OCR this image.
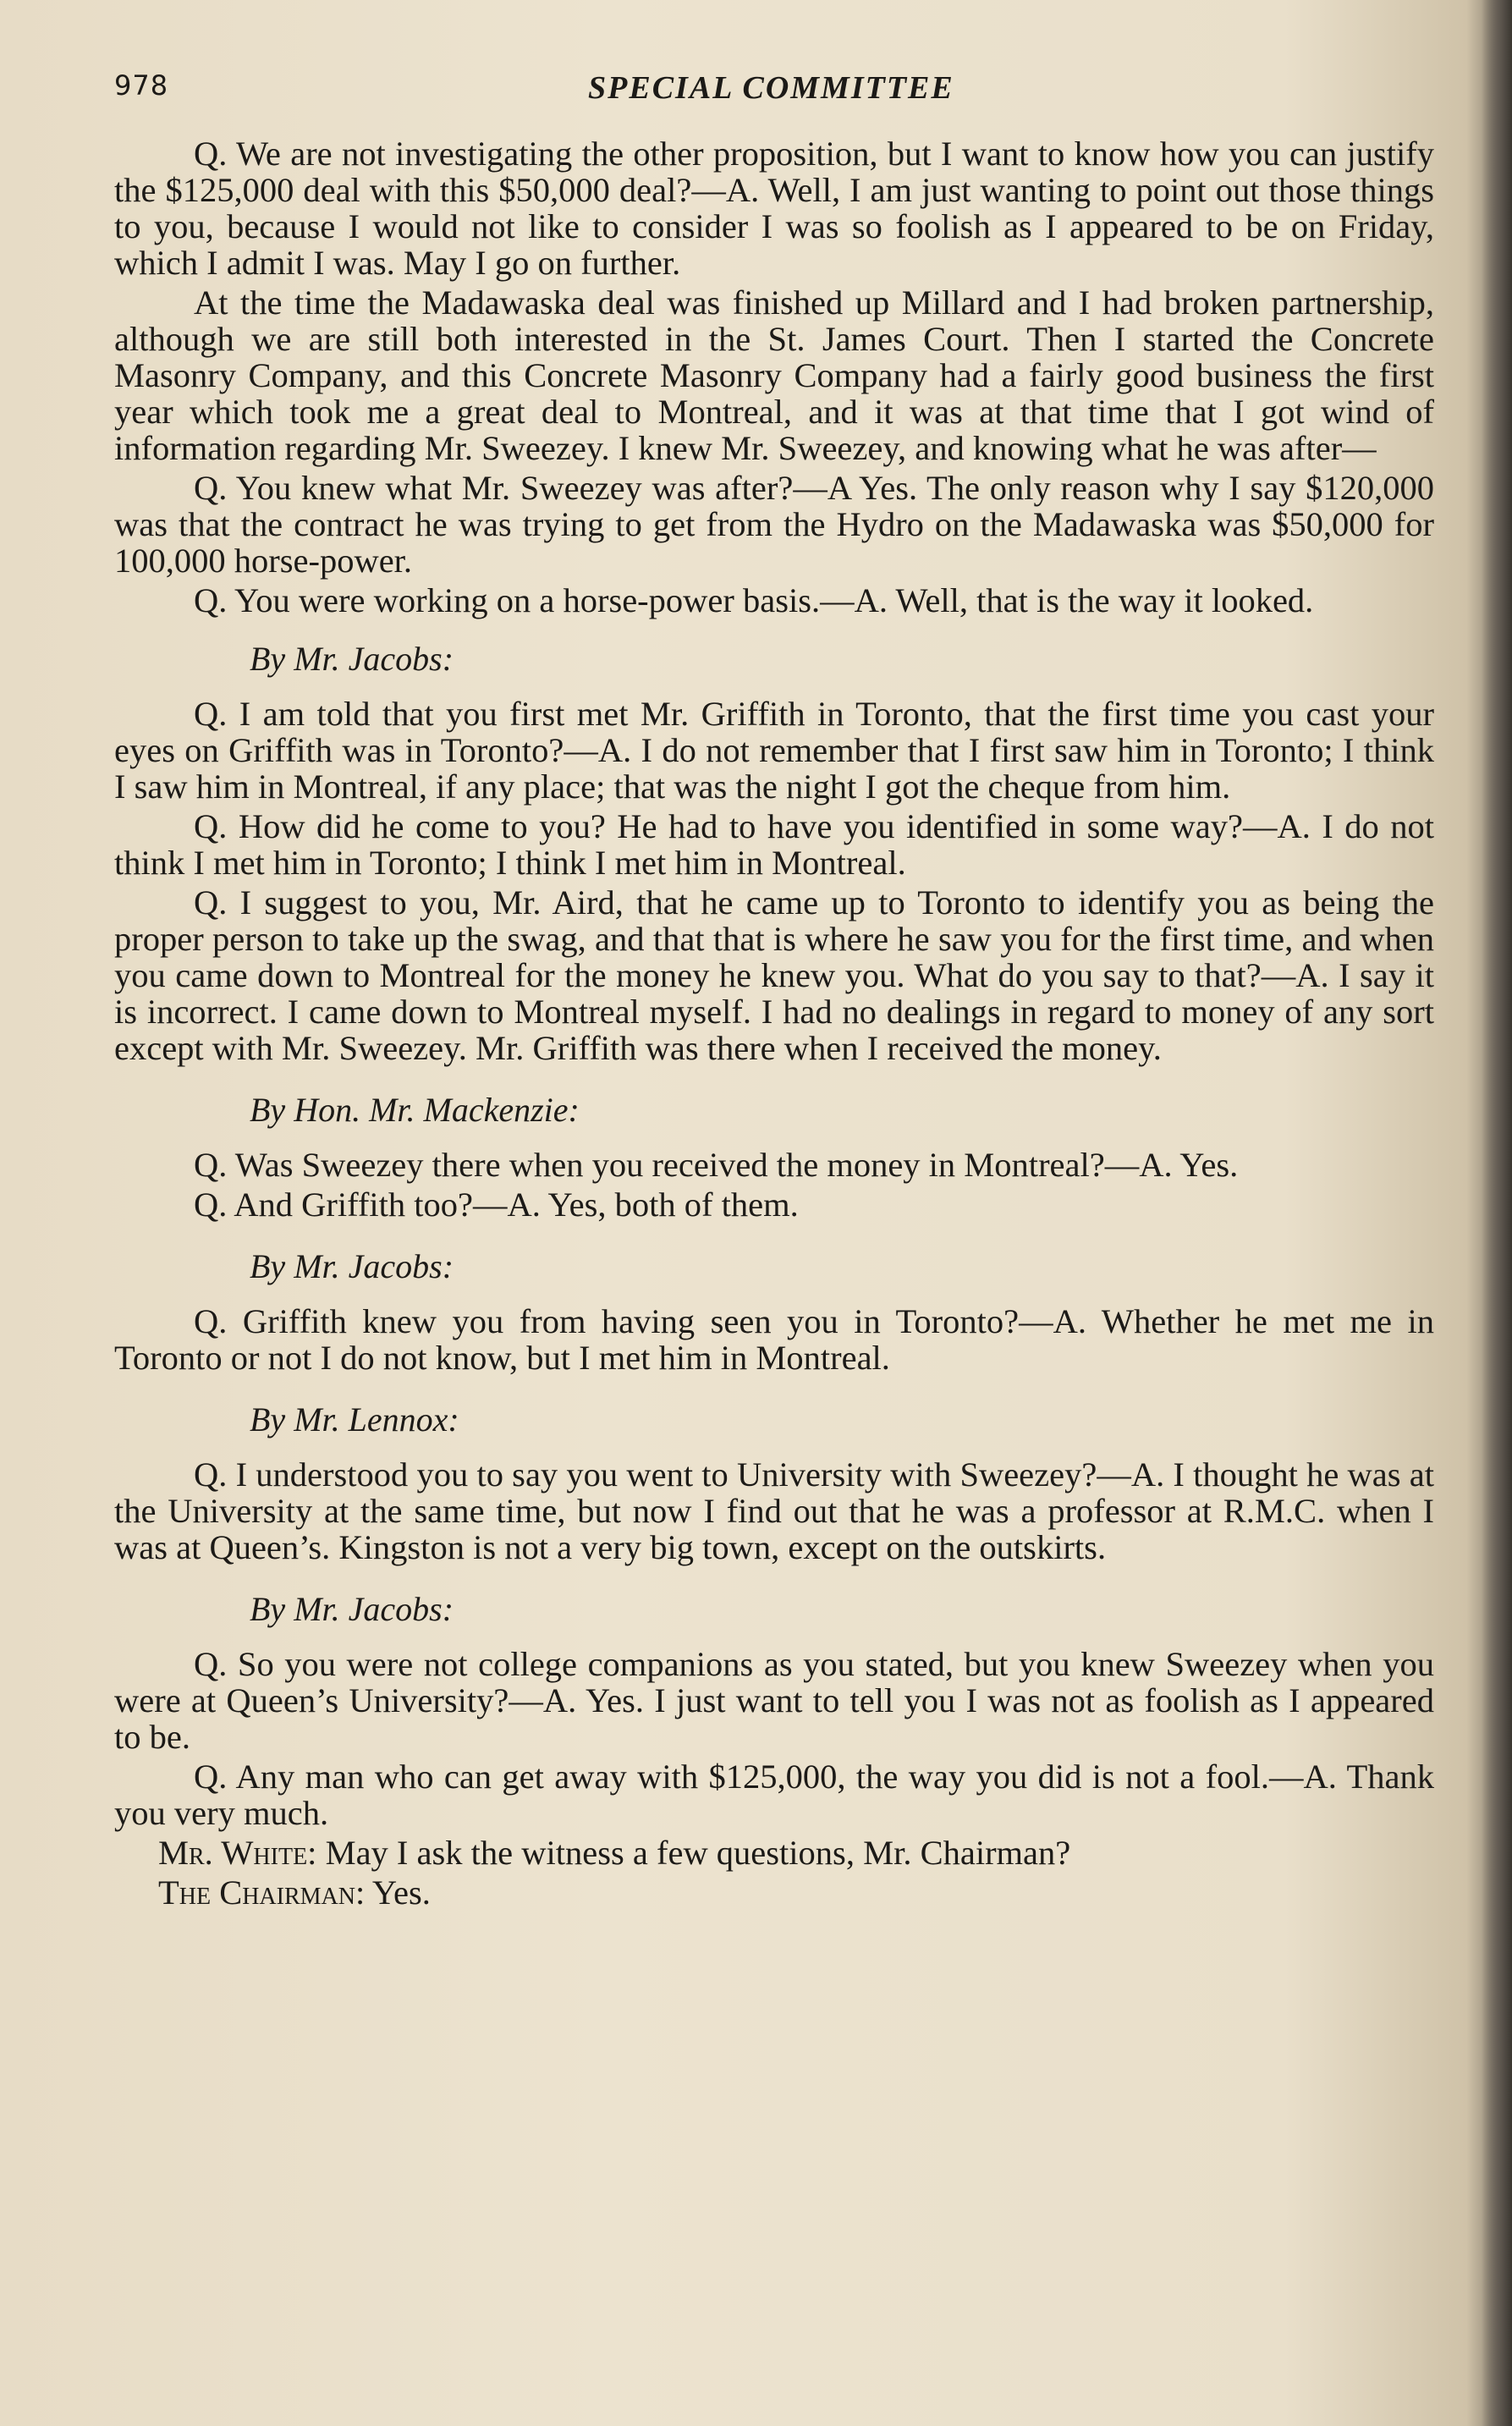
978	SPECIAL COMMITTEE

Q. We are not investigating the other proposition, but I want to know how you can justify the $125,000 deal with this $50,000 deal?—A. Well, I am just wanting to point out those things to you, because I would not like to consider I was so foolish as I appeared to be on Friday, which I admit I was. May I go on further.

At the time the Madawaska deal was finished up Millard and I had broken partnership, although we are still both interested in the St. James Court. Then I started the Concrete Masonry Company, and this Concrete Masonry Company had a fairly good business the first year which took me a great deal to Montreal, and it was at that time that I got wind of information regarding Mr. Sweezey. I knew Mr. Sweezey, and knowing what he was after—

Q. You knew what Mr. Sweezey was after?—A Yes. The only reason why I say $120,000 was that the contract he was trying to get from the Hydro on the Madawaska was $50,000 for 100,000 horse-power.

Q. You were working on a horse-power basis.—A. Well, that is the way it looked.

By Mr. Jacobs:

Q. I am told that you first met Mr. Griffith in Toronto, that the first time you cast your eyes on Griffith was in Toronto?—A. I do not remember that I first saw him in Toronto; I think I saw him in Montreal, if any place; that was the night I got the cheque from him.

Q. How did he come to you? He had to have you identified in some way?—A. I do not think I met him in Toronto; I think I met him in Montreal.

Q. I suggest to you, Mr. Aird, that he came up to Toronto to identify you as being the proper person to take up the swag, and that that is where he saw you for the first time, and when you came down to Montreal for the money he knew you. What do you say to that?—A. I say it is incorrect. I came down to Montreal myself. I had no dealings in regard to money of any sort except with Mr. Sweezey. Mr. Griffith was there when I received the money.

By Hon. Mr. Mackenzie:

Q. Was Sweezey there when you received the money in Montreal?—A. Yes.

Q. And Griffith too?—A. Yes, both of them.

By Mr. Jacobs:

Q. Griffith knew you from having seen you in Toronto?—A. Whether he met me in Toronto or not I do not know, but I met him in Montreal.

By Mr. Lennox:

Q. I understood you to say you went to University with Sweezey?—A. I thought he was at the University at the same time, but now I find out that he was a professor at R.M.C. when I was at Queen’s. Kingston is not a very big town, except on the outskirts.

By Mr. Jacobs:

Q. So you were not college companions as you stated, but you knew Sweezey when you were at Queen’s University?—A. Yes. I just want to tell you I was not as foolish as I appeared to be.

Q. Any man who can get away with $125,000, the way you did is not a fool.—A. Thank you very much.

Mr. White: May I ask the witness a few questions, Mr. Chairman?

The Chairman: Yes.
